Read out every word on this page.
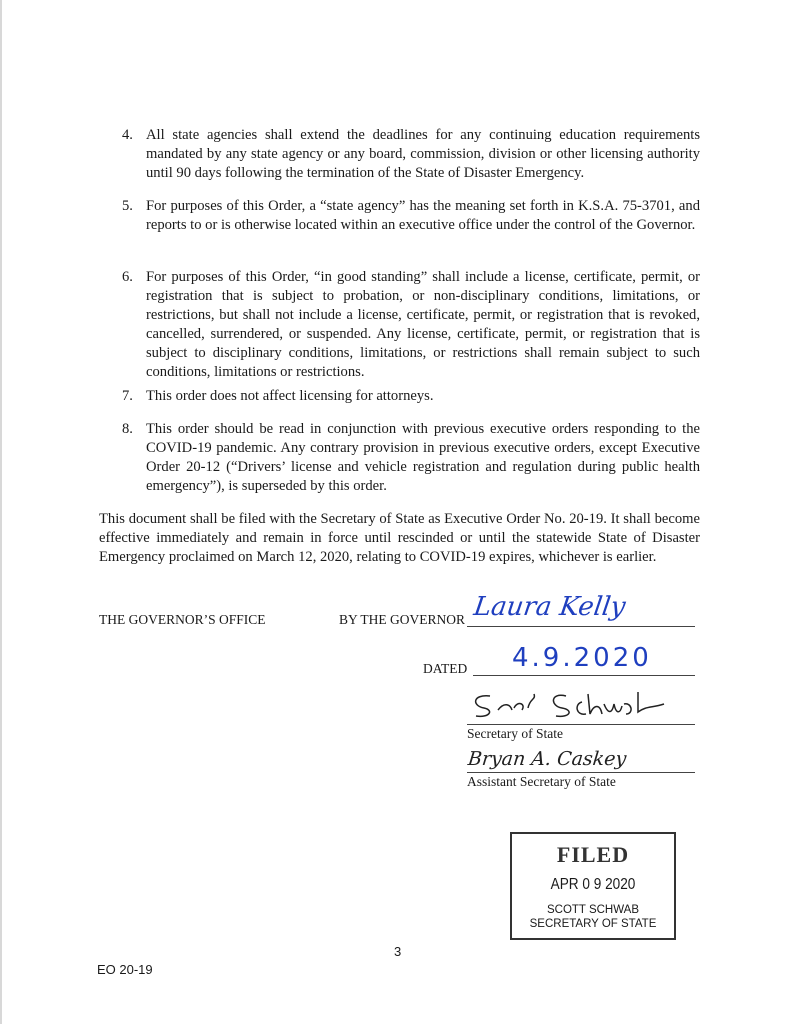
4. All state agencies shall extend the deadlines for any continuing education requirements mandated by any state agency or any board, commission, division or other licensing authority until 90 days following the termination of the State of Disaster Emergency.
5. For purposes of this Order, a “state agency” has the meaning set forth in K.S.A. 75-3701, and reports to or is otherwise located within an executive office under the control of the Governor.
6. For purposes of this Order, “in good standing” shall include a license, certificate, permit, or registration that is subject to probation, or non-disciplinary conditions, limitations, or restrictions, but shall not include a license, certificate, permit, or registration that is revoked, cancelled, surrendered, or suspended. Any license, certificate, permit, or registration that is subject to disciplinary conditions, limitations, or restrictions shall remain subject to such conditions, limitations or restrictions.
7. This order does not affect licensing for attorneys.
8. This order should be read in conjunction with previous executive orders responding to the COVID-19 pandemic. Any contrary provision in previous executive orders, except Executive Order 20-12 (“Drivers’ license and vehicle registration and regulation during public health emergency”), is superseded by this order.
This document shall be filed with the Secretary of State as Executive Order No. 20-19. It shall become effective immediately and remain in force until rescinded or until the statewide State of Disaster Emergency proclaimed on March 12, 2020, relating to COVID-19 expires, whichever is earlier.
THE GOVERNOR’S OFFICE	BY THE GOVERNOR Laura Kelly
DATED 4.9.2020
Secretary of State
Bryan A. Caskey
Assistant Secretary of State
FILED
APR 0 9 2020
SCOTT SCHWAB
SECRETARY OF STATE
3
EO 20-19
